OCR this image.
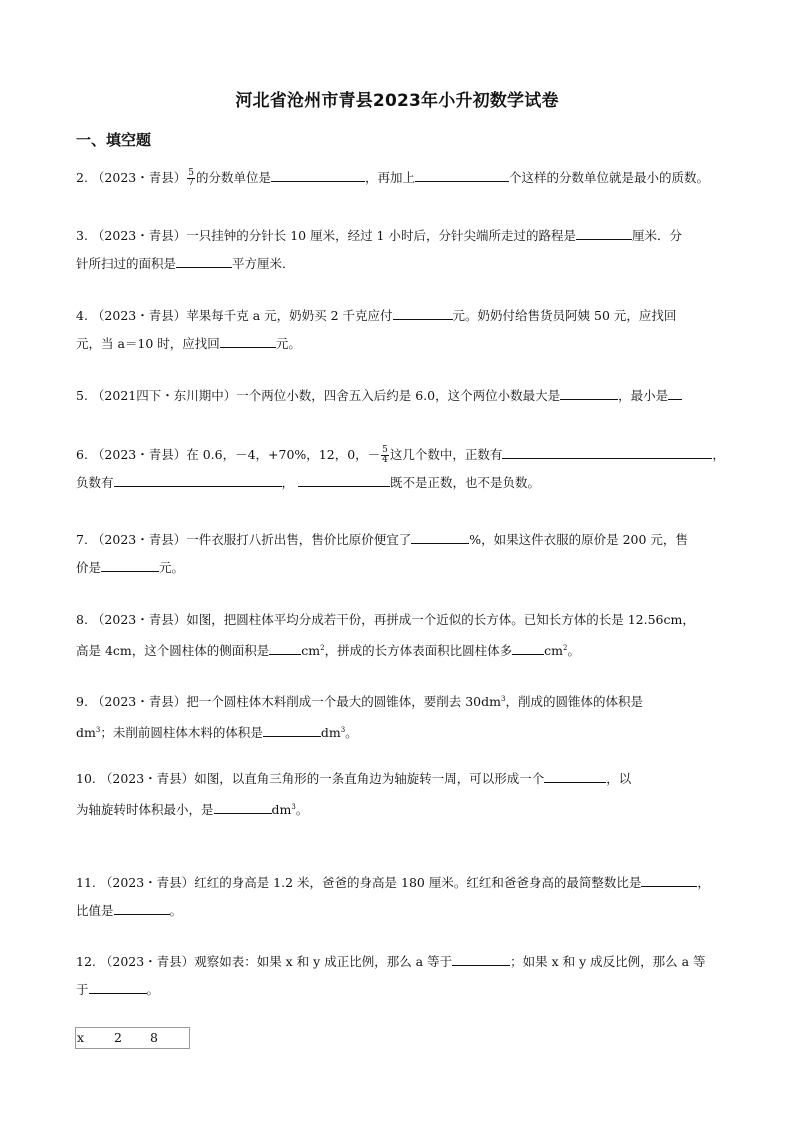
河北省沧州市青县2023年小升初数学试卷
一、填空题
2. （2023・青县） $\frac{5}{7}$ 的分数单位是	，再加上	个这样的分数单位就是最小的质数。
3. （2023・青县）一只挂钟的分针长 10 厘米，经过 1 小时后，分针尖端所走过的路程是	厘米．分
针所扫过的面积是	平方厘米．
4. （2023・青县）苹果每千克 a 元，奶奶买 2 千克应付	元。奶奶付给售货员阿姨 50 元，应找回
元，当 a＝10 时，应找回	元。
5. （2021四下・东川期中）一个两位小数，四舍五入后约是 6.0，这个两位小数最大是	，最小是
6. （2023・青县）在 0.6，－4，+70%，12，0，－ $\frac{5}{4}$ 这几个数中，正数有	，
负数有	，	既不是正数，也不是负数。
7. （2023・青县）一件衣服打八折出售，售价比原价便宜了	%，如果这件衣服的原价是 200 元，售
价是	元。
8. （2023・青县）如图，把圆柱体平均分成若干份，再拼成一个近似的长方体。已知长方体的长是 12.56cm，
高是 4cm，这个圆柱体的侧面积是	$cm^2$，拼成的长方体表面积比圆柱体多	$cm^2$。
9. （2023・青县）把一个圆柱体木料削成一个最大的圆锥体，要削去 $30dm^3$，削成的圆锥体的体积是
$dm^3$；未削前圆柱体木料的体积是	$dm^3$。
10. （2023・青县）如图，以直角三角形的一条直角边为轴旋转一周，可以形成一个	，以
为轴旋转时体积最小，是	$dm^3$。
11. （2023・青县）红红的身高是 1.2 米，爸爸的身高是 180 厘米。红红和爸爸身高的最简整数比是	，
比值是	。
12. （2023・青县）观察如表：如果 x 和 y 成正比例，那么 a 等于	；如果 x 和 y 成反比例，那么 a 等
于	。
x 2 8
